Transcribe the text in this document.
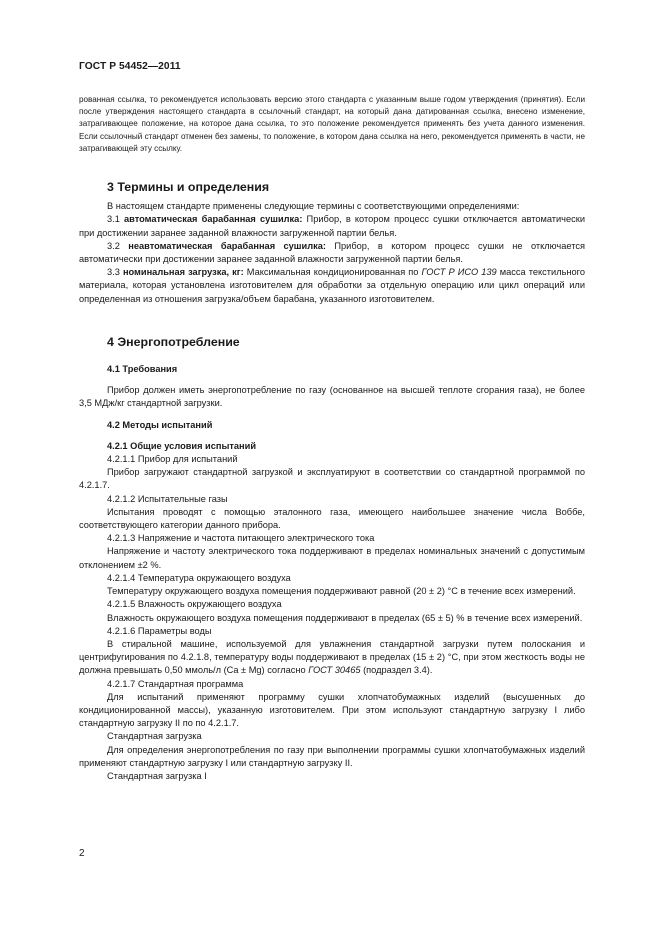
ГОСТ Р 54452—2011

рованная ссылка, то рекомендуется использовать версию этого стандарта с указанным выше годом утверждения (принятия). Если после утверждения настоящего стандарта в ссылочный стандарт, на который дана датированная ссылка, внесено изменение, затрагивающее положение, на которое дана ссылка, то это положение рекомендуется применять без учета данного изменения. Если ссылочный стандарт отменен без замены, то положение, в котором дана ссылка на него, рекомендуется применять в части, не затрагивающей эту ссылку.

3 Термины и определения

В настоящем стандарте применены следующие термины с соответствующими определениями:

3.1 автоматическая барабанная сушилка: Прибор, в котором процесс сушки отключается автоматически при достижении заранее заданной влажности загруженной партии белья.

3.2 неавтоматическая барабанная сушилка: Прибор, в котором процесс сушки не отключается автоматически при достижении заранее заданной влажности загруженной партии белья.

3.3 номинальная загрузка, кг: Максимальная кондиционированная по ГОСТ Р ИСО 139 масса текстильного материала, которая установлена изготовителем для обработки за отдельную операцию или цикл операций или определенная из отношения загрузка/объем барабана, указанного изготовителем.

4 Энергопотребление

4.1 Требования

Прибор должен иметь энергопотребление по газу (основанное на высшей теплоте сгорания газа), не более 3,5 МДж/кг стандартной загрузки.

4.2 Методы испытаний

4.2.1 Общие условия испытаний

4.2.1.1 Прибор для испытаний

Прибор загружают стандартной загрузкой и эксплуатируют в соответствии со стандартной программой по 4.2.1.7.

4.2.1.2 Испытательные газы

Испытания проводят с помощью эталонного газа, имеющего наибольшее значение числа Воббе, соответствующего категории данного прибора.

4.2.1.3 Напряжение и частота питающего электрического тока

Напряжение и частоту электрического тока поддерживают в пределах номинальных значений с допустимым отклонением ±2 %.

4.2.1.4 Температура окружающего воздуха

Температуру окружающего воздуха помещения поддерживают равной (20 ± 2) °С в течение всех измерений.

4.2.1.5 Влажность окружающего воздуха

Влажность окружающего воздуха помещения поддерживают в пределах (65 ± 5) % в течение всех измерений.

4.2.1.6 Параметры воды

В стиральной машине, используемой для увлажнения стандартной загрузки путем полоскания и центрифугирования по 4.2.1.8, температуру воды поддерживают в пределах (15 ± 2) °С, при этом жесткость воды не должна превышать 0,50 ммоль/л (Ca ± Mg) согласно ГОСТ 30465 (подраздел 3.4).

4.2.1.7 Стандартная программа

Для испытаний применяют программу сушки хлопчатобумажных изделий (высушенных до кондиционированной массы), указанную изготовителем. При этом используют стандартную загрузку I либо стандартную загрузку II по по 4.2.1.7.

Стандартная загрузка

Для определения энергопотребления по газу при выполнении программы сушки хлопчатобумажных изделий применяют стандартную загрузку I или стандартную загрузку II.

Стандартная загрузка I

2
